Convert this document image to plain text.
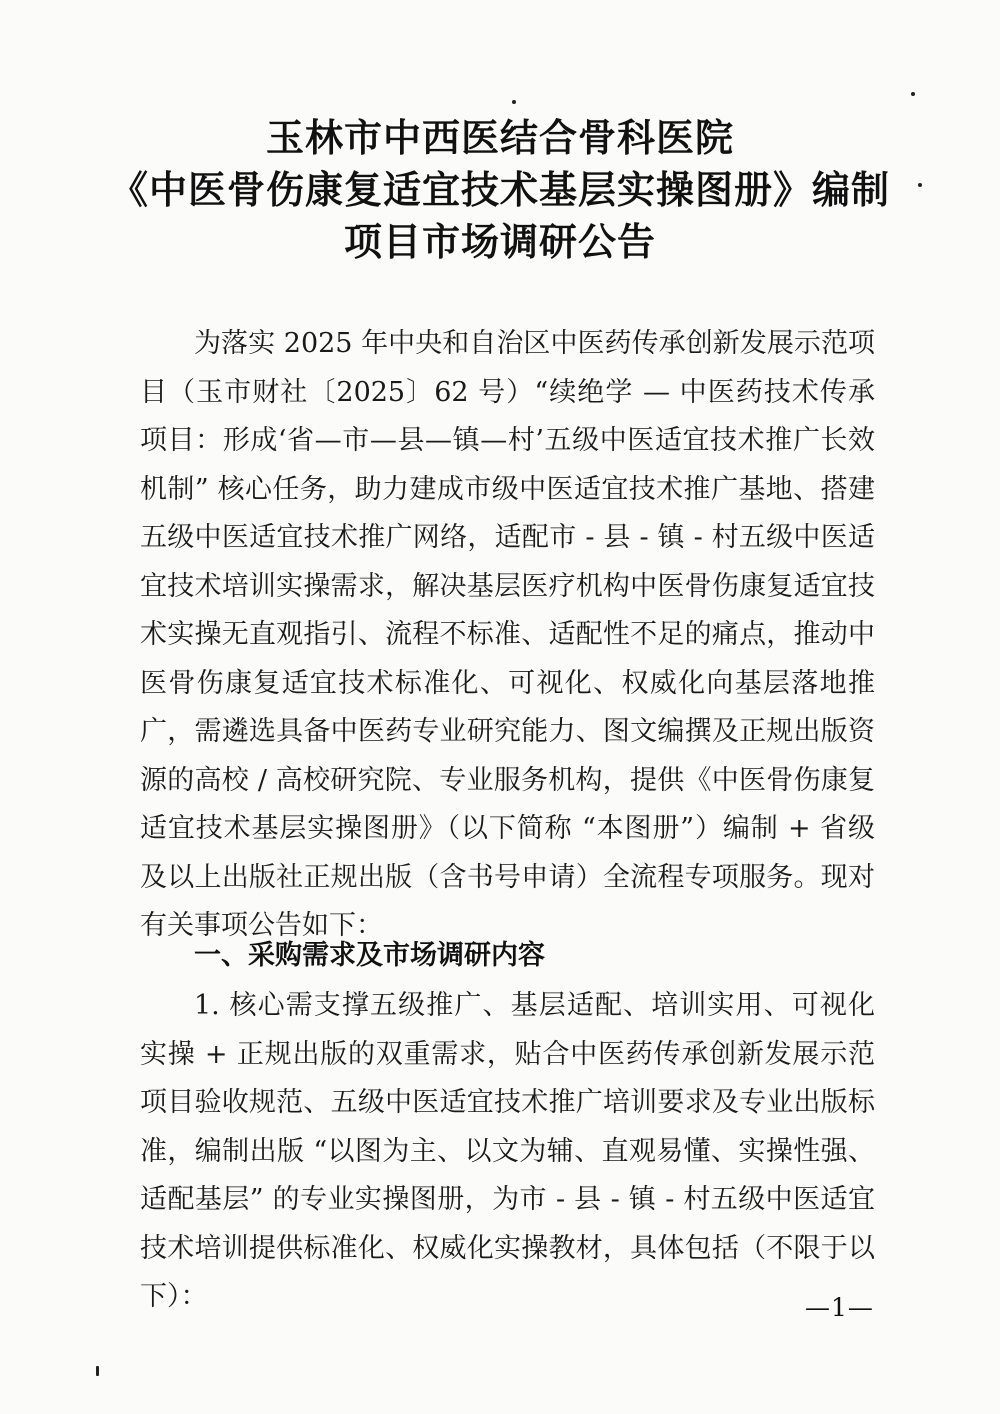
玉林市中西医结合骨科医院
《中医骨伤康复适宜技术基层实操图册》编制
项目市场调研公告

为落实 2025 年中央和自治区中医药传承创新发展示范项目（玉市财社〔2025〕62 号）“续绝学 — 中医药技术传承项目：形成‘省—市—县—镇—村’五级中医适宜技术推广长效机制” 核心任务，助力建成市级中医适宜技术推广基地、搭建五级中医适宜技术推广网络，适配市 - 县 - 镇 - 村五级中医适宜技术培训实操需求，解决基层医疗机构中医骨伤康复适宜技术实操无直观指引、流程不标准、适配性不足的痛点，推动中医骨伤康复适宜技术标准化、可视化、权威化向基层落地推广，需遴选具备中医药专业研究能力、图文编撰及正规出版资源的高校 / 高校研究院、专业服务机构，提供《中医骨伤康复适宜技术基层实操图册》（以下简称 “本图册”）编制 + 省级及以上出版社正规出版（含书号申请）全流程专项服务。现对有关事项公告如下：

一、采购需求及市场调研内容

1. 核心需支撑五级推广、基层适配、培训实用、可视化实操 + 正规出版的双重需求，贴合中医药传承创新发展示范项目验收规范、五级中医适宜技术推广培训要求及专业出版标准，编制出版 “以图为主、以文为辅、直观易懂、实操性强、适配基层” 的专业实操图册，为市 - 县 - 镇 - 村五级中医适宜技术培训提供标准化、权威化实操教材，具体包括（不限于以下）：	—1—
